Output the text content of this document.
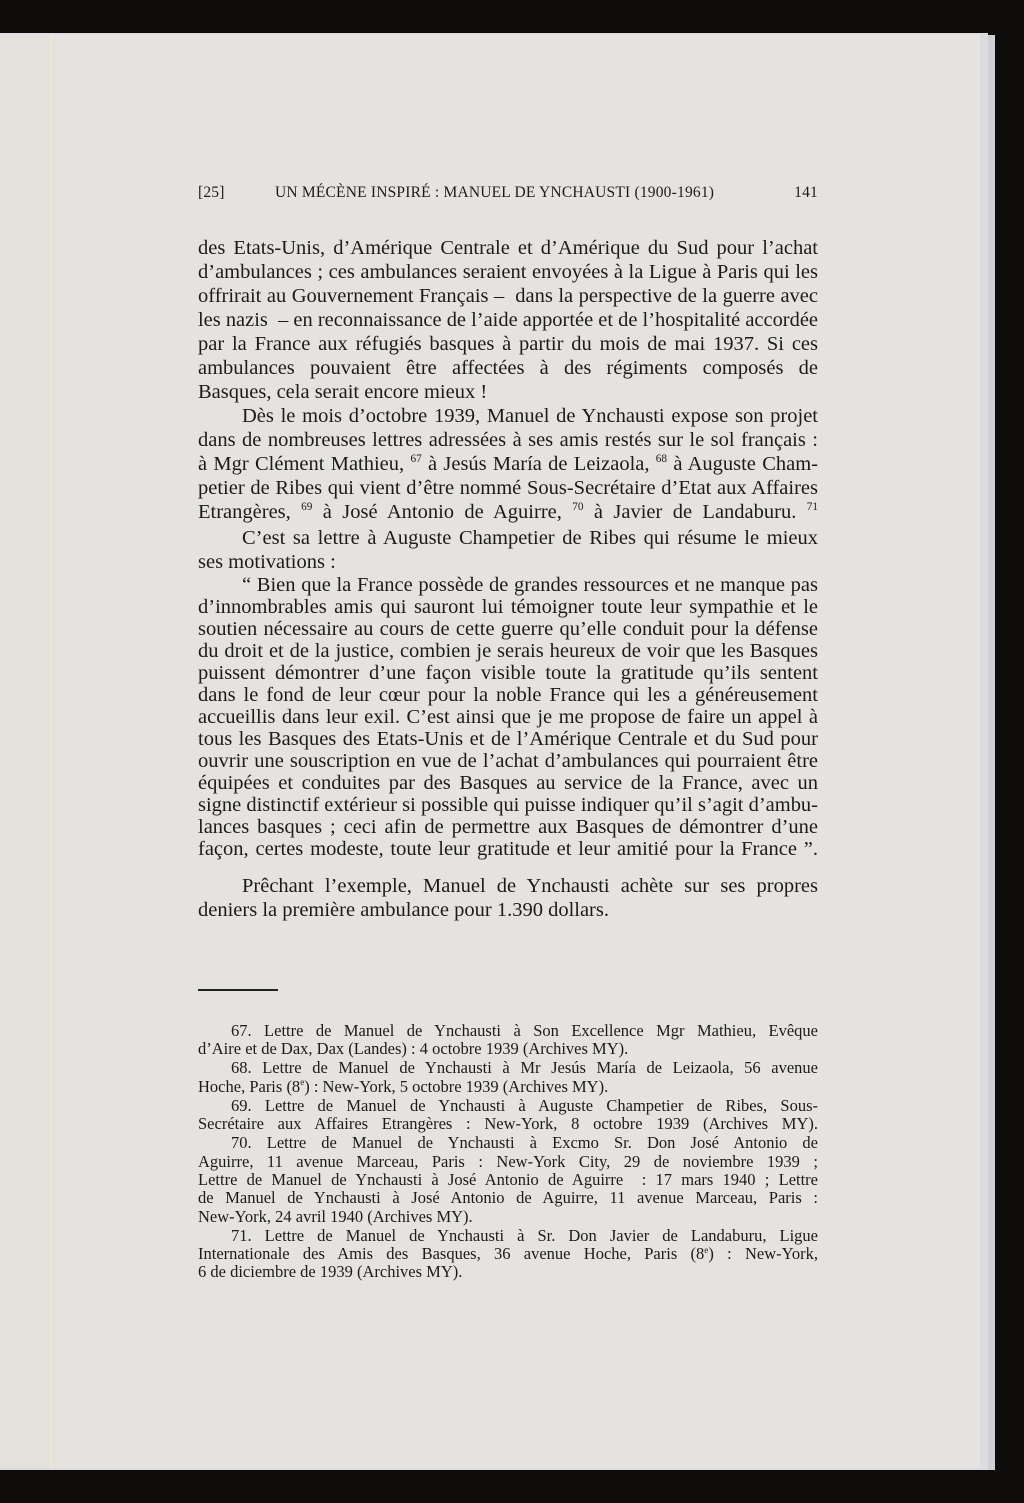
[25]	UN MÉCÈNE INSPIRÉ : MANUEL DE YNCHAUSTI (1900-1961)	141
des Etats-Unis, d’Amérique Centrale et d’Amérique du Sud pour l’achat
d’ambulances ; ces ambulances seraient envoyées à la Ligue à Paris qui les
offrirait au Gouvernement Français –  dans la perspective de la guerre avec
les nazis  – en reconnaissance de l’aide apportée et de l’hospitalité accordée
par la France aux réfugiés basques à partir du mois de mai 1937. Si ces
ambulances pouvaient être affectées à des régiments composés de
Basques, cela serait encore mieux !
Dès le mois d’octobre 1939, Manuel de Ynchausti expose son projet
dans de nombreuses lettres adressées à ses amis restés sur le sol français :
à Mgr Clément Mathieu, $^{67}$ à Jesús María de Leizaola, $^{68}$ à Auguste Cham-
petier de Ribes qui vient d’être nommé Sous-Secrétaire d’Etat aux Affaires
Etrangères, $^{69}$ à José Antonio de Aguirre, $^{70}$ à Javier de Landaburu. $^{71}$
C’est sa lettre à Auguste Champetier de Ribes qui résume le mieux
ses motivations :
“ Bien que la France possède de grandes ressources et ne manque pas
d’innombrables amis qui sauront lui témoigner toute leur sympathie et le
soutien nécessaire au cours de cette guerre qu’elle conduit pour la défense
du droit et de la justice, combien je serais heureux de voir que les Basques
puissent démontrer d’une façon visible toute la gratitude qu’ils sentent
dans le fond de leur cœur pour la noble France qui les a généreusement
accueillis dans leur exil. C’est ainsi que je me propose de faire un appel à
tous les Basques des Etats-Unis et de l’Amérique Centrale et du Sud pour
ouvrir une souscription en vue de l’achat d’ambulances qui pourraient être
équipées et conduites par des Basques au service de la France, avec un
signe distinctif extérieur si possible qui puisse indiquer qu’il s’agit d’ambu-
lances basques ; ceci afin de permettre aux Basques de démontrer d’une
façon, certes modeste, toute leur gratitude et leur amitié pour la France ”.
Prêchant l’exemple, Manuel de Ynchausti achète sur ses propres
deniers la première ambulance pour 1.390 dollars.
67. Lettre de Manuel de Ynchausti à Son Excellence Mgr Mathieu, Evêque
d’Aire et de Dax, Dax (Landes) : 4 octobre 1939 (Archives MY).
68. Lettre de Manuel de Ynchausti à Mr Jesús María de Leizaola, 56 avenue
Hoche, Paris (8e) : New-York, 5 octobre 1939 (Archives MY).
69. Lettre de Manuel de Ynchausti à Auguste Champetier de Ribes, Sous-
Secrétaire aux Affaires Etrangères : New-York, 8 octobre 1939 (Archives MY).
70. Lettre de Manuel de Ynchausti à Excmo Sr. Don José Antonio de
Aguirre, 11 avenue Marceau, Paris : New-York City, 29 de noviembre 1939 ;
Lettre de Manuel de Ynchausti à José Antonio de Aguirre  : 17 mars 1940 ; Lettre
de Manuel de Ynchausti à José Antonio de Aguirre, 11 avenue Marceau, Paris :
New-York, 24 avril 1940 (Archives MY).
71. Lettre de Manuel de Ynchausti à Sr. Don Javier de Landaburu, Ligue
Internationale des Amis des Basques, 36 avenue Hoche, Paris (8e) : New-York,
6 de diciembre de 1939 (Archives MY).
